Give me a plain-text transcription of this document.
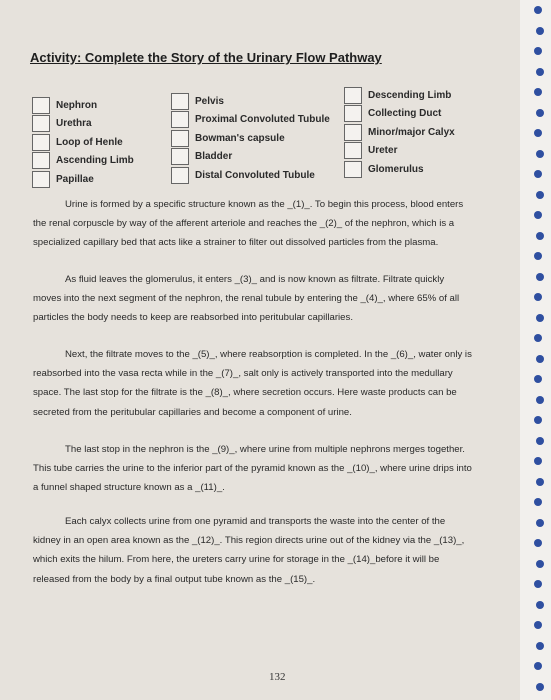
Activity: Complete the Story of the Urinary Flow Pathway
Nephron
Urethra
Loop of Henle
Ascending Limb
Papillae
Pelvis
Proximal Convoluted Tubule
Bowman's capsule
Bladder
Distal Convoluted Tubule
Descending Limb
Collecting Duct
Minor/major Calyx
Ureter
Glomerulus

Urine is formed by a specific structure known as the _(1)_. To begin this process, blood enters the renal corpuscle by way of the afferent arteriole and reaches the _(2)_ of the nephron, which is a specialized capillary bed that acts like a strainer to filter out dissolved particles from the plasma.

As fluid leaves the glomerulus, it enters _(3)_ and is now known as filtrate. Filtrate quickly moves into the next segment of the nephron, the renal tubule by entering the _(4)_, where 65% of all particles the body needs to keep are reabsorbed into peritubular capillaries.

Next, the filtrate moves to the _(5)_, where reabsorption is completed. In the _(6)_, water only is reabsorbed into the vasa recta while in the _(7)_, salt only is actively transported into the medullary space. The last stop for the filtrate is the _(8)_, where secretion occurs. Here waste products can be secreted from the peritubular capillaries and become a component of urine.

The last stop in the nephron is the _(9)_, where urine from multiple nephrons merges together. This tube carries the urine to the inferior part of the pyramid known as the _(10)_, where urine drips into a funnel shaped structure known as a _(11)_.

Each calyx collects urine from one pyramid and transports the waste into the center of the kidney in an open area known as the _(12)_. This region directs urine out of the kidney via the _(13)_, which exits the hilum. From here, the ureters carry urine for storage in the _(14)_before it will be released from the body by a final output tube known as the _(15)_.

132
